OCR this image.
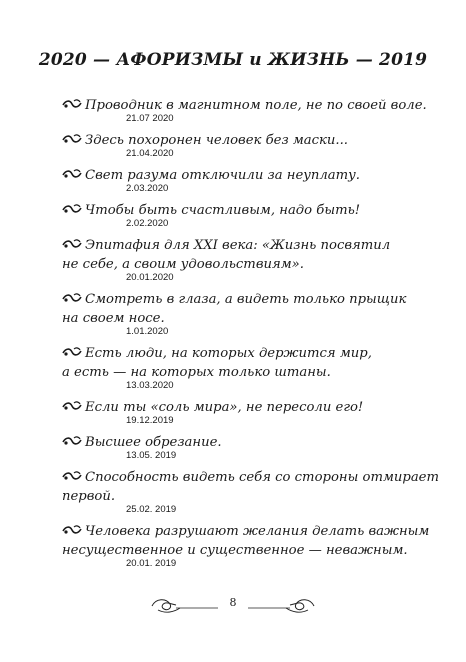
2020 — АФОРИЗМЫ и ЖИЗНЬ — 2019
Проводник в магнитном поле, не по своей воле.
21.07 2020
Здесь похоронен человек без маски...
21.04.2020
Свет разума отключили за неуплату.
2.03.2020
Чтобы быть счастливым, надо быть!
2.02.2020
Эпитафия для XXI века: «Жизнь посвятил
не себе, а своим удовольствиям».
20.01.2020
Смотреть в глаза, а видеть только прыщик
на своем носе.
1.01.2020
Есть люди, на которых держится мир,
а есть — на которых только штаны.
13.03.2020
Если ты «соль мира», не пересоли его!
19.12.2019
Высшее обрезание.
13.05. 2019
Способность видеть себя со стороны отмирает
первой.
25.02. 2019
Человека разрушают желания делать важным
несущественное и существенное — неважным.
20.01. 2019
8
